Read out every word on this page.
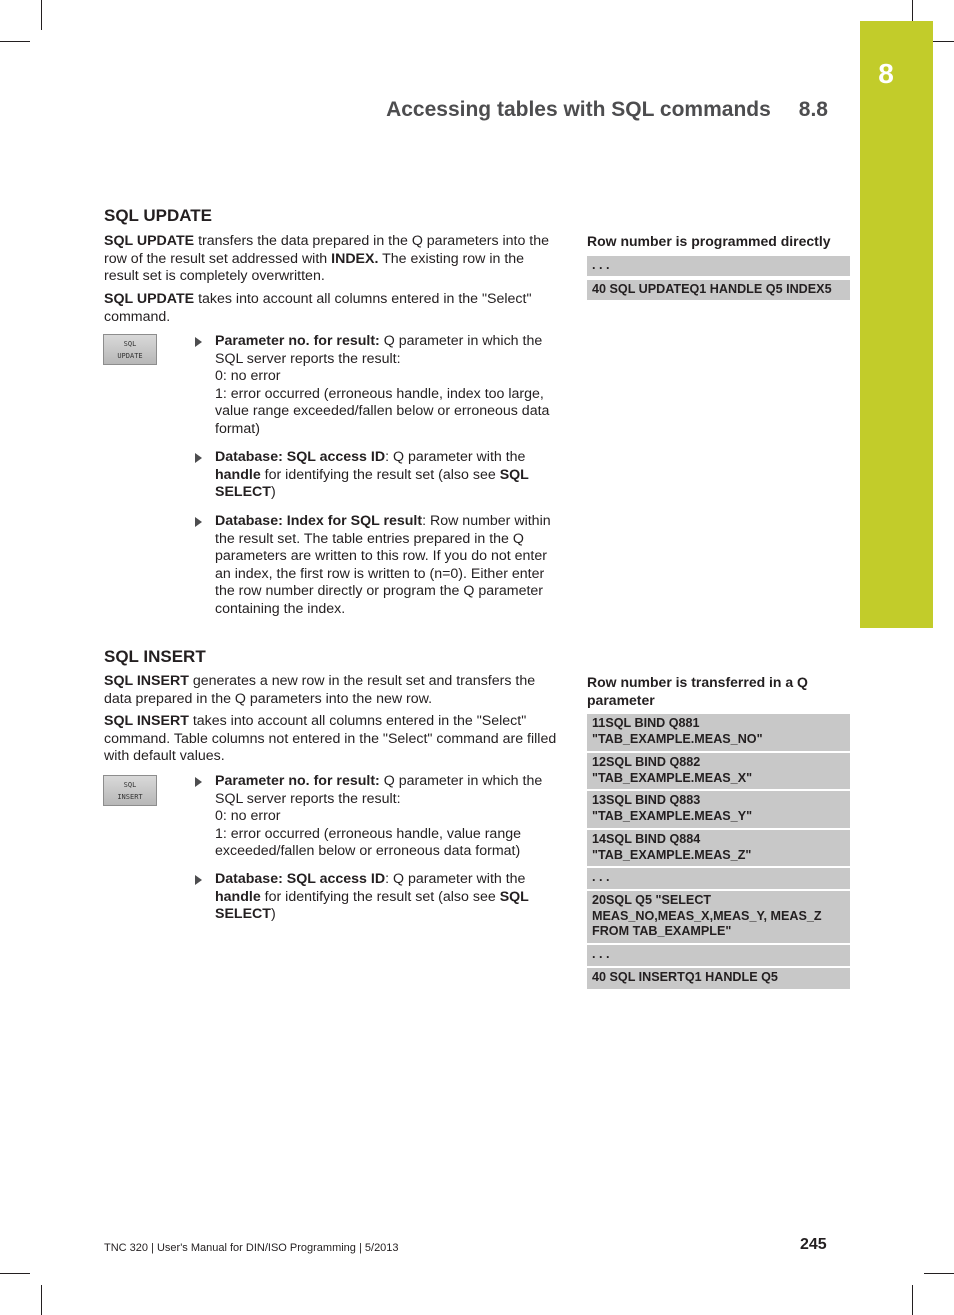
8
Accessing tables with SQL commands 8.8
SQL UPDATE

SQL UPDATE transfers the data prepared in the Q parameters into the row of the result set addressed with INDEX. The existing row in the result set is completely overwritten.

SQL UPDATE takes into account all columns entered in the "Select" command.

SQL
UPDATE
Parameter no. for result: Q parameter in which the SQL server reports the result:
0: no error
1: error occurred (erroneous handle, index too large, value range exceeded/fallen below or erroneous data format)
Database: SQL access ID: Q parameter with the handle for identifying the result set (also see SQL SELECT)
Database: Index for SQL result: Row number within the result set. The table entries prepared in the Q parameters are written to this row. If you do not enter an index, the first row is written to (n=0). Either enter the row number directly or program the Q parameter containing the index.
Row number is programmed directly
. . .
40 SQL UPDATEQ1 HANDLE Q5 INDEX5
SQL INSERT

SQL INSERT generates a new row in the result set and transfers the data prepared in the Q parameters into the new row.

SQL INSERT takes into account all columns entered in the "Select" command. Table columns not entered in the "Select" command are filled with default values.

SQL
INSERT
Parameter no. for result: Q parameter in which the SQL server reports the result:
0: no error
1: error occurred (erroneous handle, value range exceeded/fallen below or erroneous data format)
Database: SQL access ID: Q parameter with the handle for identifying the result set (also see SQL SELECT)
Row number is transferred in a Q parameter
11SQL BIND Q881 "TAB_EXAMPLE.MEAS_NO"
12SQL BIND Q882 "TAB_EXAMPLE.MEAS_X"
13SQL BIND Q883 "TAB_EXAMPLE.MEAS_Y"
14SQL BIND Q884 "TAB_EXAMPLE.MEAS_Z"
. . .
20SQL Q5 "SELECT MEAS_NO,MEAS_X,MEAS_Y, MEAS_Z FROM TAB_EXAMPLE"
. . .
40 SQL INSERTQ1 HANDLE Q5
TNC 320 | User's Manual for DIN/ISO Programming | 5/2013	245
